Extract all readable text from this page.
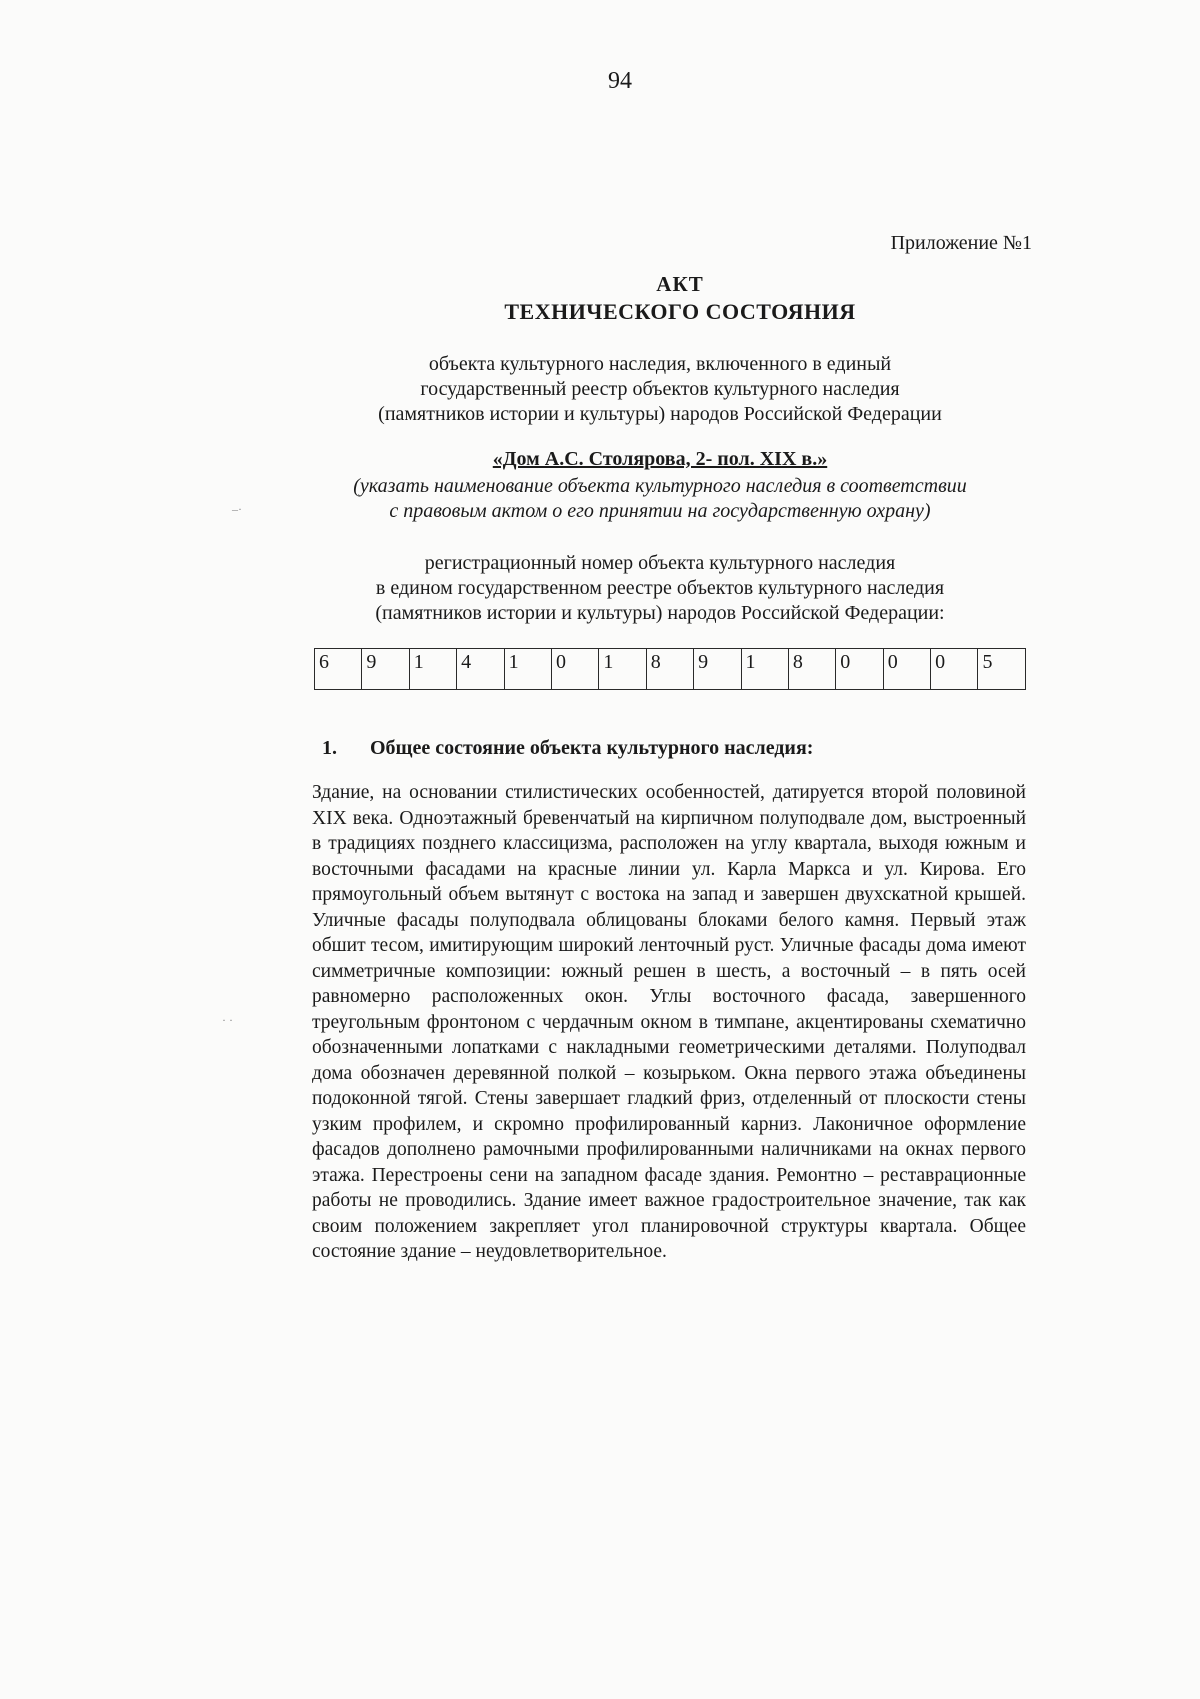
94
Приложение №1
АКТ
ТЕХНИЧЕСКОГО СОСТОЯНИЯ
объекта культурного наследия, включенного в единый
государственный реестр объектов культурного наследия
(памятников истории и культуры) народов Российской Федерации
«Дом А.С. Столярова, 2- пол. XIX в.»
(указать наименование объекта культурного наследия в соответствии
с правовым актом о его принятии на государственную охрану)
регистрационный номер объекта культурного наследия
в едином государственном реестре объектов культурного наследия
(памятников истории и культуры) народов Российской Федерации:
6	9	1	4	1	0	1	8	9	1	8	0	0	0	5
1. Общее состояние объекта культурного наследия:
Здание, на основании стилистических особенностей, датируется второй половиной XIX века. Одноэтажный бревенчатый на кирпичном полуподвале дом, выстроенный в традициях позднего классицизма, расположен на углу квартала, выходя южным и восточными фасадами на красные линии ул. Карла Маркса и ул. Кирова. Его прямоугольный объем вытянут с востока на запад и завершен двухскатной крышей. Уличные фасады полуподвала облицованы блоками белого камня. Первый этаж обшит тесом, имитирующим широкий ленточный руст. Уличные фасады дома имеют симметричные композиции: южный решен в шесть, а восточный – в пять осей равномерно расположенных окон. Углы восточного фасада, завершенного треугольным фронтоном с чердачным окном в тимпане, акцентированы схематично обозначенными лопатками с накладными геометрическими деталями. Полуподвал дома обозначен деревянной полкой – козырьком. Окна первого этажа объединены подоконной тягой. Стены завершает гладкий фриз, отделенный от плоскости стены узким профилем, и скромно профилированный карниз. Лаконичное оформление фасадов дополнено рамочными профилированными наличниками на окнах первого этажа. Перестроены сени на западном фасаде здания. Ремонтно – реставрационные работы не проводились. Здание имеет важное градостроительное значение, так как своим положением закрепляет угол планировочной структуры квартала. Общее состояние здание – неудовлетворительное.
–·
· ·
